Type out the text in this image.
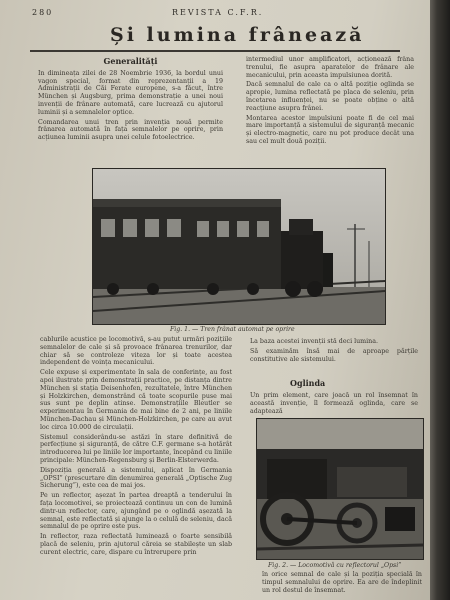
280	REVISTA C.F.R.
Și lumina frânează
Generalități

In dimineața zilei de 28 Noembrie 1936, la bordul unui vagon special, format din reprezentanții a 19 Administrații de Căi Ferate europene, s-a făcut, între München și Augsburg, prima demonstrație a unei noui invenții de frânare automată, care lucrează cu ajutorul luminii și a semnalelor optice.

Comandarea unui tren prin invenția nouă permite frânarea automată în fața semnalelor pe oprire, prin acțiunea luminii asupra unei celule fotoelectrice.

intermediul unor amplificatori, acționează frâna trenului, fie asupra aparatelor de frânare ale mecanicului, prin aceasta impulsiunea dorită.

Dacă semnalul de cale ca o altă poziție oglinda se apropie, lumina reflectată pe placa de seleniu, prin încetarea influenței, nu se poate obține o altă reacțiune asupra frânei.

Montarea acestor impulsiuni poate fi de cel mai mare importanță a sistemului de siguranță mecanic și electro-magnetic, care nu pot produce decât una sau cel mult două poziții.

Fig. 1. — Tren frânat automat pe oprire

cablurile acustice pe locomotivă, s-au putut urmări pozițiile semnalelor de cale și să provoace frânarea trenurilor, dar chiar să se controleze viteza lor și toate acestea independent de voința mecanicului.

Cele expuse și experimentate în sala de conferințe, au fost apoi ilustrate prin demonstrații practice, pe distanța dintre München și stația Deisenhofen, rezultatele, între München și Holzkirchen, demonstrând că toate scopurile puse mai sus sunt pe deplin atinse. Demonstrațiile Bleutler se experimentau în Germania de mai bine de 2 ani, pe liniile München-Dachau și München-Holzkirchen, pe care au avut loc circa 10.000 de circulații.

Sistemul considerându-se astăzi în stare definitivă de perfecțiune și siguranță, de către C.F. germane s-a hotărât introducerea lui pe liniile lor importante, începând cu liniile principale: München-Regensburg și Berlin-Elsterwerda.

Dispoziția generală a sistemului, aplicat în Germania „OPSI” (prescurtare din denumirea generală „Optische Zug Sicherung”), este cea de mai jos.

Pe un reflector, așezat în partea dreaptă a tenderului în fața locomotivei, se proiectează continuu un con de lumină dintr-un reflector, care, ajungând pe o oglindă așezată la semnal, este reflectată și ajunge la o celulă de seleniu, dacă semnalul de pe oprire este pus.

In reflector, raza reflectată luminează o foarte sensibilă placă de seleniu, prin ajutorul căreia se stabilește un slab curent electric, care, dispare cu întrerupere prin

La baza acestei invenții stă deci lumina.

Să examinăm însă mai de aproape părțile constitutive ale sistemului.

Oglinda

Un prim element, care joacă un rol însemnat în această invenție, îl formează oglinda, care se adaptează

Fig. 2. — Locomotivă cu reflectorul „Opsi”

în orice semnal de cale și la poziția specială în timpul semnalului de oprire. Ea are de îndeplinit un rol destul de însemnat.
